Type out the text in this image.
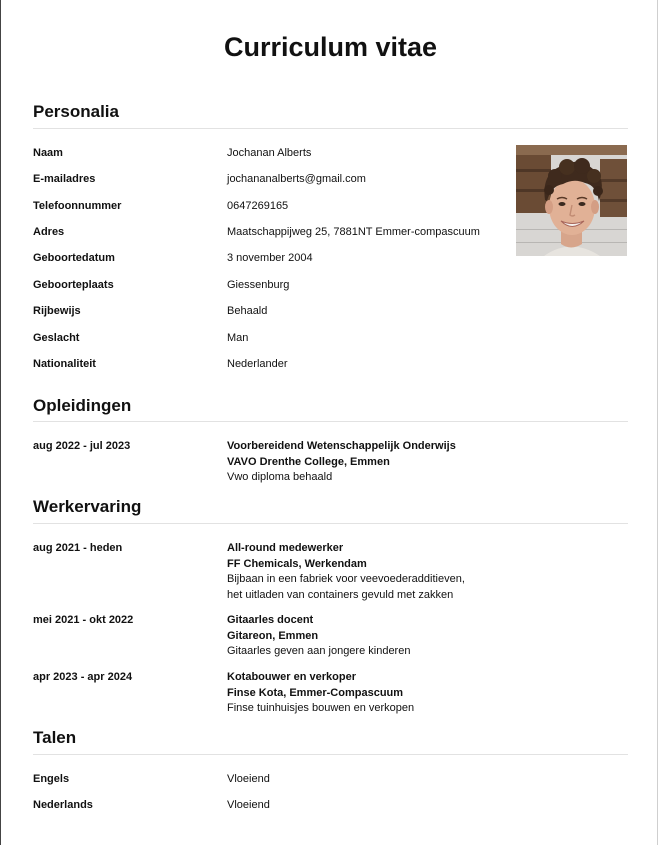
Curriculum vitae
Personalia
Naam	Jochanan Alberts
E-mailadres	jochananalberts@gmail.com
Telefoonnummer	0647269165
Adres	Maatschappijweg 25, 7881NT Emmer-compascuum
Geboortedatum	3 november 2004
Geboorteplaats	Giessenburg
Rijbewijs	Behaald
Geslacht	Man
Nationaliteit	Nederlander
Opleidingen
aug 2022 - jul 2023	Voorbereidend Wetenschappelijk Onderwijs
VAVO Drenthe College, Emmen
Vwo diploma behaald
Werkervaring
aug 2021 - heden	All-round medewerker
FF Chemicals, Werkendam
Bijbaan in een fabriek voor veevoederadditieven,
het uitladen van containers gevuld met zakken
mei 2021 - okt 2022	Gitaarles docent
Gitareon, Emmen
Gitaarles geven aan jongere kinderen
apr 2023 - apr 2024	Kotabouwer en verkoper
Finse Kota, Emmer-Compascuum
Finse tuinhuisjes bouwen en verkopen
Talen
Engels	Vloeiend
Nederlands	Vloeiend
